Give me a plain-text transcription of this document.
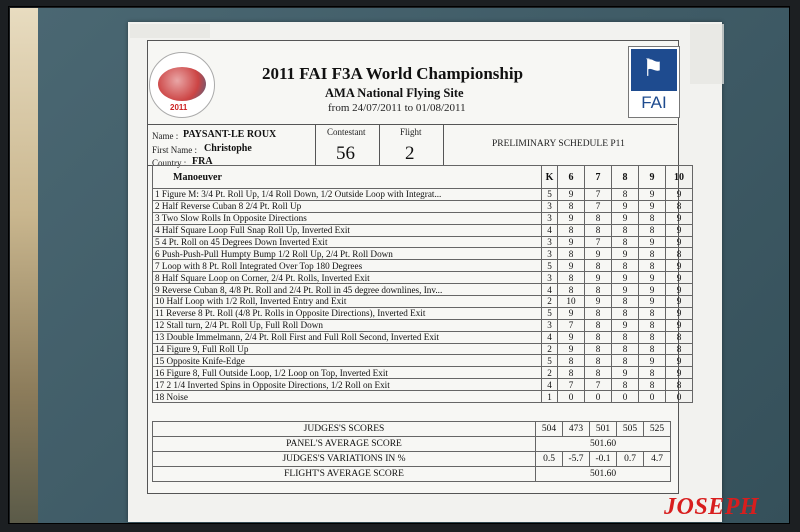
2011
2011 FAI F3A World Championship
AMA National Flying Site
from 24/07/2011 to 01/08/2011
⚑
FAI
Name : PAYSANT-LE ROUX
First Name : Christophe
Country : FRA
Contestant
56
Flight
2	PRELIMINARY SCHEDULE P11
Manoeuver	K	6	7	8	9	10
1 Figure M: 3/4 Pt. Roll Up, 1/4 Roll Down, 1/2 Outside Loop with Integrat...	5	9	7	8	9	9
2 Half Reverse Cuban 8 2/4 Pt. Roll Up	3	8	7	9	9	8
3 Two Slow Rolls In Opposite Directions	3	9	8	9	8	9
4 Half Square Loop Full Snap Roll Up, Inverted Exit	4	8	8	8	8	9
5 4 Pt. Roll on 45 Degrees Down Inverted Exit	3	9	7	8	9	9
6 Push-Push-Pull Humpty Bump 1/2 Roll Up, 2/4 Pt. Roll Down	3	8	9	9	8	8
7 Loop with 8 Pt. Roll Integrated Over Top 180 Degrees	5	9	8	8	8	9
8 Half Square Loop on Corner, 2/4 Pt. Rolls, Inverted Exit	3	8	9	9	9	9
9 Reverse Cuban 8, 4/8 Pt. Roll and 2/4 Pt. Roll in 45 degree downlines, Inv...	4	8	8	9	9	9
10 Half Loop with 1/2 Roll, Inverted Entry and Exit	2	10	9	8	9	9
11 Reverse 8 Pt. Roll (4/8 Pt. Rolls in Opposite Directions), Inverted Exit	5	9	8	8	8	9
12 Stall turn, 2/4 Pt. Roll Up, Full Roll Down	3	7	8	9	8	9
13 Double Immelmann, 2/4 Pt. Roll First and Full Roll Second, Inverted Exit	4	9	8	8	8	8
14 Figure 9, Full Roll Up	2	9	8	8	8	8
15 Opposite Knife-Edge	5	8	8	8	9	9
16 Figure 8, Full Outside Loop, 1/2 Loop on Top, Inverted Exit	2	8	8	9	8	9
17 2 1/4 Inverted Spins in Opposite Directions, 1/2 Roll on Exit	4	7	7	8	8	8
18 Noise	1	0	0	0	0	0
JUDGES'S SCORES	504	473	501	505	525
PANEL'S AVERAGE SCORE	501.60				
JUDGES'S VARIATIONS IN %	0.5	-5.7	-0.1	0.7	4.7
FLIGHT'S AVERAGE SCORE	501.60				
JOSEPH
